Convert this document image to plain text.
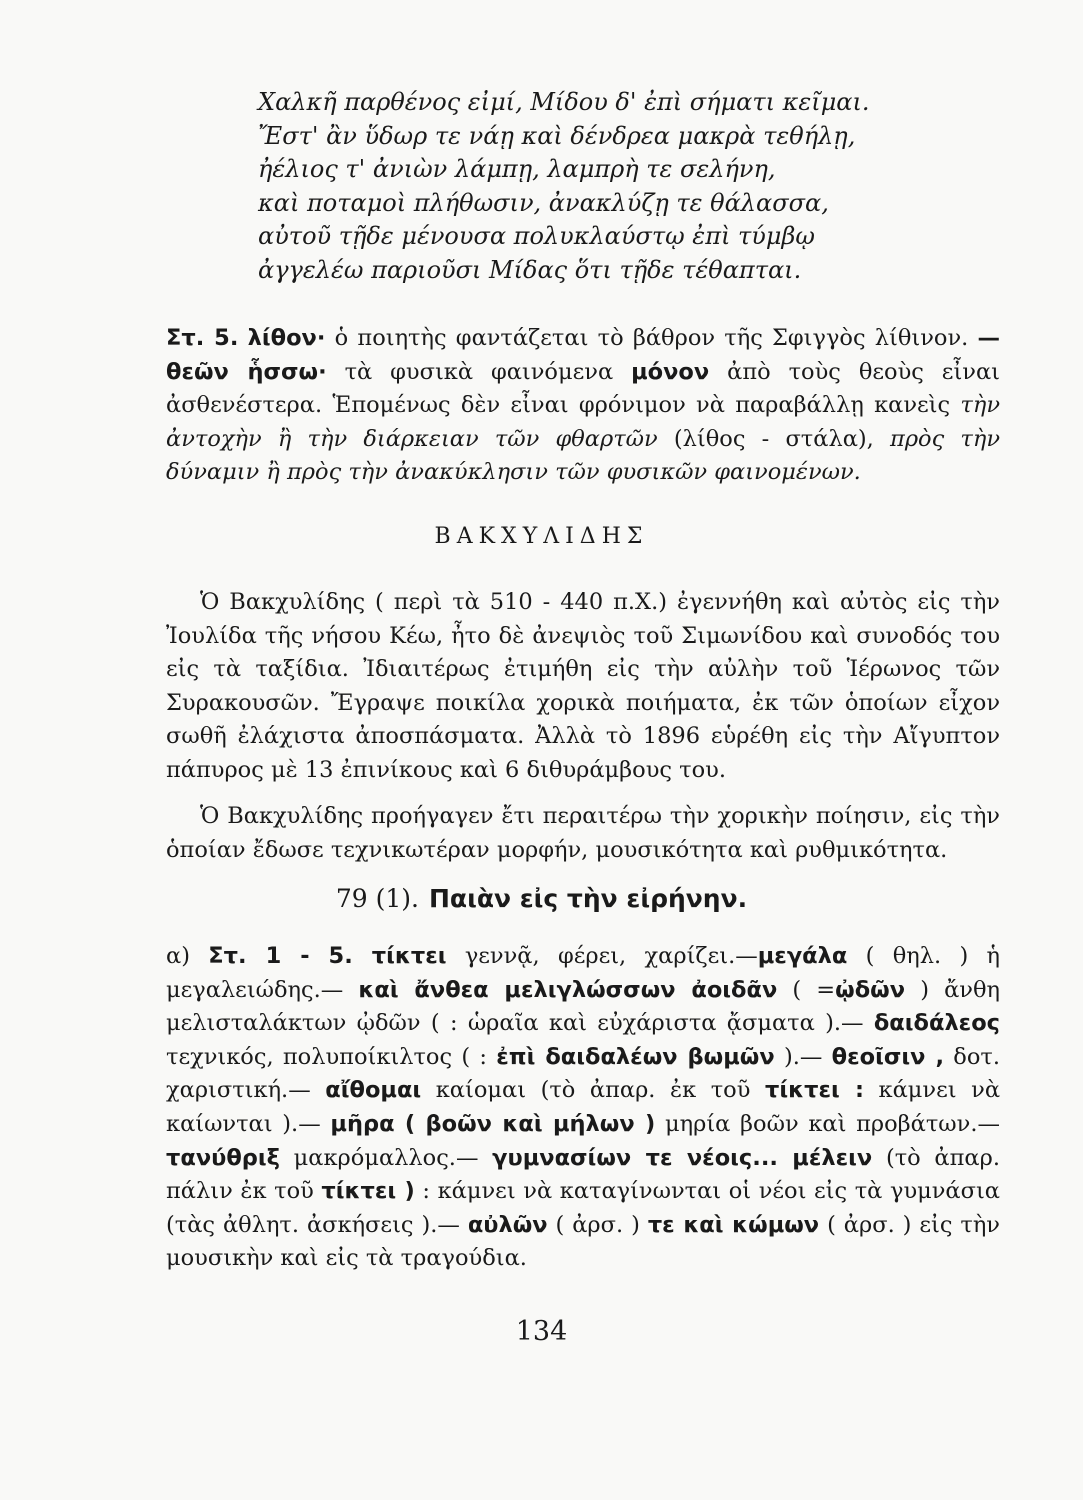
Χαλκῆ παρθένος εἰμί, Μίδου δ' ἐπὶ σήματι κεῖμαι.
Ἔστ' ἂν ὕδωρ τε νάῃ καὶ δένδρεα μακρὰ τεθήλῃ,
ἠέλιος τ' ἀνιὼν λάμπῃ, λαμπρὴ τε σελήνη,
καὶ ποταμοὶ πλήθωσιν, ἀνακλύζῃ τε θάλασσα,
αὐτοῦ τῇδε μένουσα πολυκλαύστῳ ἐπὶ τύμβῳ
ἀγγελέω παριοῦσι Μίδας ὅτι τῇδε τέθαπται.
Στ. 5. λίθον· ὁ ποιητὴς φαντάζεται τὸ βάθρον τῆς Σφιγγὸς λίθινον. —θεῶν ἧσσω· τὰ φυσικὰ φαινόμενα μόνον ἀπὸ τοὺς θεοὺς εἶναι ἀσθενέστερα. Ἑπομένως δὲν εἶναι φρόνιμον νὰ παραβάλλῃ κανεὶς τὴν ἀντοχὴν ἢ τὴν διάρκειαν τῶν φθαρτῶν (λίθος - στάλα), πρὸς τὴν δύναμιν ἢ πρὸς τὴν ἀνακύκλησιν τῶν φυσικῶν φαινομένων.
ΒΑΚΧΥΛΙΔΗΣ
Ὁ Βακχυλίδης ( περὶ τὰ 510 - 440 π.Χ.) ἐγεννήθη καὶ αὐτὸς εἰς τὴν Ἰουλίδα τῆς νήσου Κέω, ἦτο δὲ ἀνεψιὸς τοῦ Σιμωνίδου καὶ συνοδός του εἰς τὰ ταξίδια. Ἰδιαιτέρως ἐτιμήθη εἰς τὴν αὐλὴν τοῦ Ἱέρωνος τῶν Συρακουσῶν. Ἔγραψε ποικίλα χορικὰ ποιήματα, ἐκ τῶν ὁποίων εἶχον σωθῆ ἐλάχιστα ἀποσπάσματα. Ἀλλὰ τὸ 1896 εὑρέθη εἰς τὴν Αἴγυπτον πάπυρος μὲ 13 ἐπινίκους καὶ 6 διθυράμβους του.
Ὁ Βακχυλίδης προήγαγεν ἔτι περαιτέρω τὴν χορικὴν ποίησιν, εἰς τὴν ὁποίαν ἔδωσε τεχνικωτέραν μορφήν, μουσικότητα καὶ ρυθμικότητα.
79 (1). Παιὰν εἰς τὴν εἰρήνην.
α) Στ. 1 - 5. τίκτει γεννᾷ, φέρει, χαρίζει.—μεγάλα ( θηλ. ) ἡ μεγαλειώδης.— καὶ ἄνθεα μελιγλώσσων ἀοιδᾶν ( =ᾠδῶν ) ἄνθη μελισταλάκτων ᾠδῶν ( : ὡραῖα καὶ εὐχάριστα ᾄσματα ).— δαιδάλεος τεχνικός, πολυποίκιλτος ( : ἐπὶ δαιδαλέων βωμῶν ).— θεοῖσιν , δοτ. χαριστική.— αἴθομαι καίομαι (τὸ ἀπαρ. ἐκ τοῦ τίκτει : κάμνει νὰ καίωνται ).— μῆρα ( βοῶν καὶ μήλων ) μηρία βοῶν καὶ προβάτων.— τανύθριξ μακρόμαλλος.— γυμνασίων τε νέοις... μέλειν (τὸ ἀπαρ. πάλιν ἐκ τοῦ τίκτει ) : κάμνει νὰ καταγίνωνται οἱ νέοι εἰς τὰ γυμνάσια (τὰς ἀθλητ. ἀσκήσεις ).— αὐλῶν ( ἀρσ. ) τε καὶ κώμων ( ἀρσ. ) εἰς τὴν μουσικὴν καὶ εἰς τὰ τραγούδια.
134
